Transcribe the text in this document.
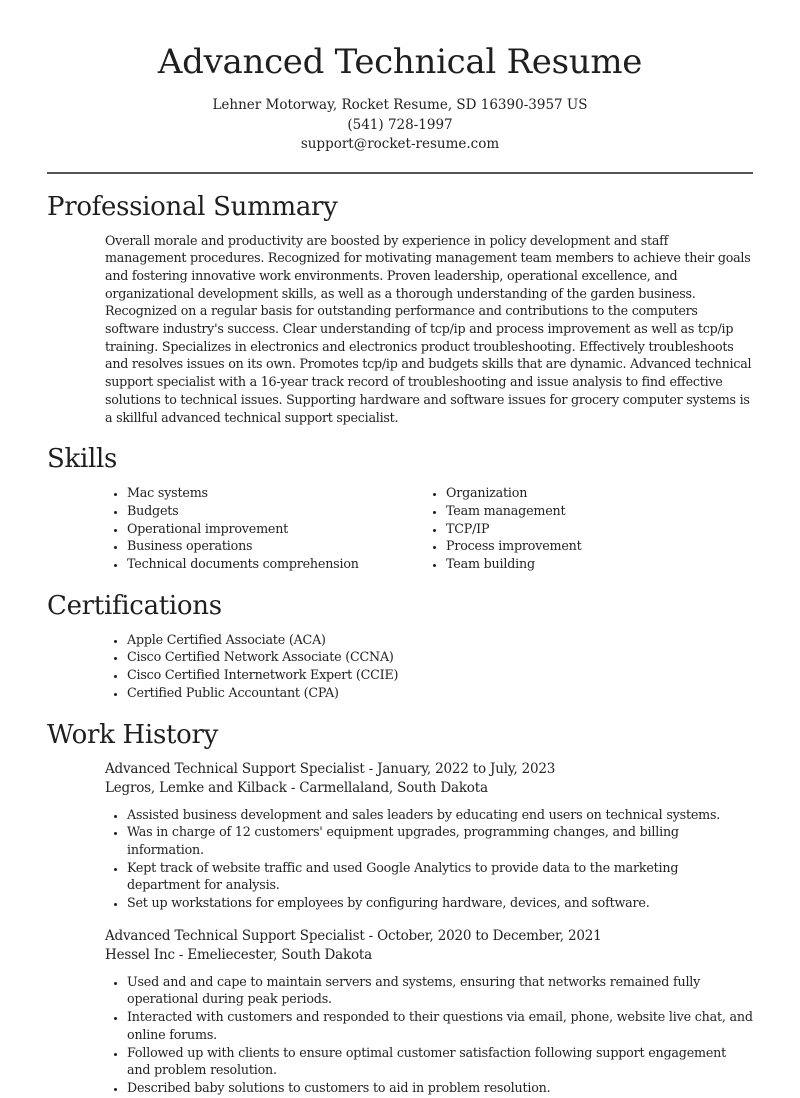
Advanced Technical Resume
Lehner Motorway, Rocket Resume, SD 16390-3957 US
(541) 728-1997
support@rocket-resume.com
Professional Summary

Overall morale and productivity are boosted by experience in policy development and staff management procedures. Recognized for motivating management team members to achieve their goals and fostering innovative work environments. Proven leadership, operational excellence, and organizational development skills, as well as a thorough understanding of the garden business. Recognized on a regular basis for outstanding performance and contributions to the computers software industry's success. Clear understanding of tcp/ip and process improvement as well as tcp/ip training. Specializes in electronics and electronics product troubleshooting. Effectively troubleshoots and resolves issues on its own. Promotes tcp/ip and budgets skills that are dynamic. Advanced technical support specialist with a 16-year track record of troubleshooting and issue analysis to find effective solutions to technical issues. Supporting hardware and software issues for grocery computer systems is a skillful advanced technical support specialist.

Skills
• Mac systems
• Budgets
• Operational improvement
• Business operations
• Technical documents comprehension
• Organization
• Team management
• TCP/IP
• Process improvement
• Team building
Certifications
• Apple Certified Associate (ACA)
• Cisco Certified Network Associate (CCNA)
• Cisco Certified Internetwork Expert (CCIE)
• Certified Public Accountant (CPA)
Work History
Advanced Technical Support Specialist - January, 2022 to July, 2023
Legros, Lemke and Kilback - Carmellaland, South Dakota
• Assisted business development and sales leaders by educating end users on technical systems.
• Was in charge of 12 customers' equipment upgrades, programming changes, and billing information.
• Kept track of website traffic and used Google Analytics to provide data to the marketing department for analysis.
• Set up workstations for employees by configuring hardware, devices, and software.
Advanced Technical Support Specialist - October, 2020 to December, 2021
Hessel Inc - Emeliecester, South Dakota
• Used and and cape to maintain servers and systems, ensuring that networks remained fully operational during peak periods.
• Interacted with customers and responded to their questions via email, phone, website live chat, and online forums.
• Followed up with clients to ensure optimal customer satisfaction following support engagement and problem resolution.
• Described baby solutions to customers to aid in problem resolution.
